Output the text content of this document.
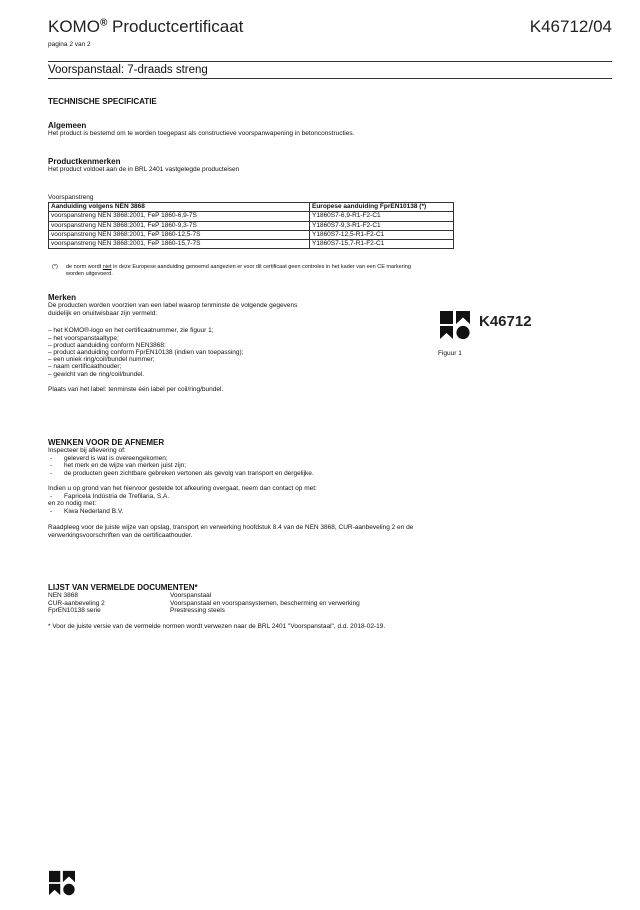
KOMO® Productcertificaat	K46712/04
pagina 2 van 2
Voorspanstaal: 7-draads streng
TECHNISCHE SPECIFICATIE

Algemeen

Het product is bestemd om te worden toegepast als constructieve voorspanwapening in betonconstructies.

Productkenmerken

Het product voldoet aan de in BRL 2401 vastgelegde producteisen

Voorspanstreng

Aanduiding volgens NEN 3868	Europese aanduiding FprEN10138 (*)
voorspanstreng NEN 3868:2001, FeP 1860-6,9-7S	Y1860S7-6,9-R1-F2-C1
voorspanstreng NEN 3868:2001, FeP 1860-9,3-7S	Y1860S7-9,3-R1-F2-C1
voorspanstreng NEN 3868:2001, FeP 1860-12,5-7S	Y1860S7-12,5-R1-F2-C1
voorspanstreng NEN 3868:2001, FeP 1860-15,7-7S	Y1860S7-15,7-R1-F2-C1
(*) de norm wordt niet in deze Europese aanduiding genoemd aangezien er voor dit certificaat geen controles in het kader van een CE markering
worden uitgevoerd.

Merken

De producten worden voorzien van een label waarop tenminste de volgende gegevens

duidelijk en onuitwisbaar zijn vermeld:

– het KOMO®-logo en het certificaatnummer, zie figuur 1;
– het voorspanstaaltype;
– product aanduiding conform NEN3868;
– product aanduiding conform FprEN10138 (indien van toepassing);
– een uniek ring/coil/bundel nummer;
– naam certificaathouder;
– gewicht van de ring/coil/bundel.

Plaats van het label: tenminste één label per coil/ring/bundel.

K46712
Figuur 1

WENKEN VOOR DE AFNEMER

Inspecteer bij aflevering of:

- geleverd is wat is overeengekomen;
- het merk en de wijze van merken juist zijn;
- de producten geen zichtbare gebreken vertonen als gevolg van transport en dergelijke.

Indien u op grond van het hiervoor gestelde tot afkeuring overgaat, neem dan contact op met:

- Fapricela Indústria de Trefilaria, S.A.

en zo nodig met:

- Kiwa Nederland B.V.

Raadpleeg voor de juiste wijze van opslag, transport en verwerking hoofdstuk 8.4 van de NEN 3868, CUR-aanbeveling 2 en de

verwerkingsvoorschriften van de certificaathouder.

LIJST VAN VERMELDE DOCUMENTEN*

NEN 3868	Voorspanstaal
CUR-aanbeveling 2	Voorspanstaal en voorspansystemen, bescherming en verwerking
FprEN10138 serie	Prestressing steels

* Voor de juiste versie van de vermelde normen wordt verwezen naar de BRL 2401 "Voorspanstaal", d.d. 2018-02-19.
